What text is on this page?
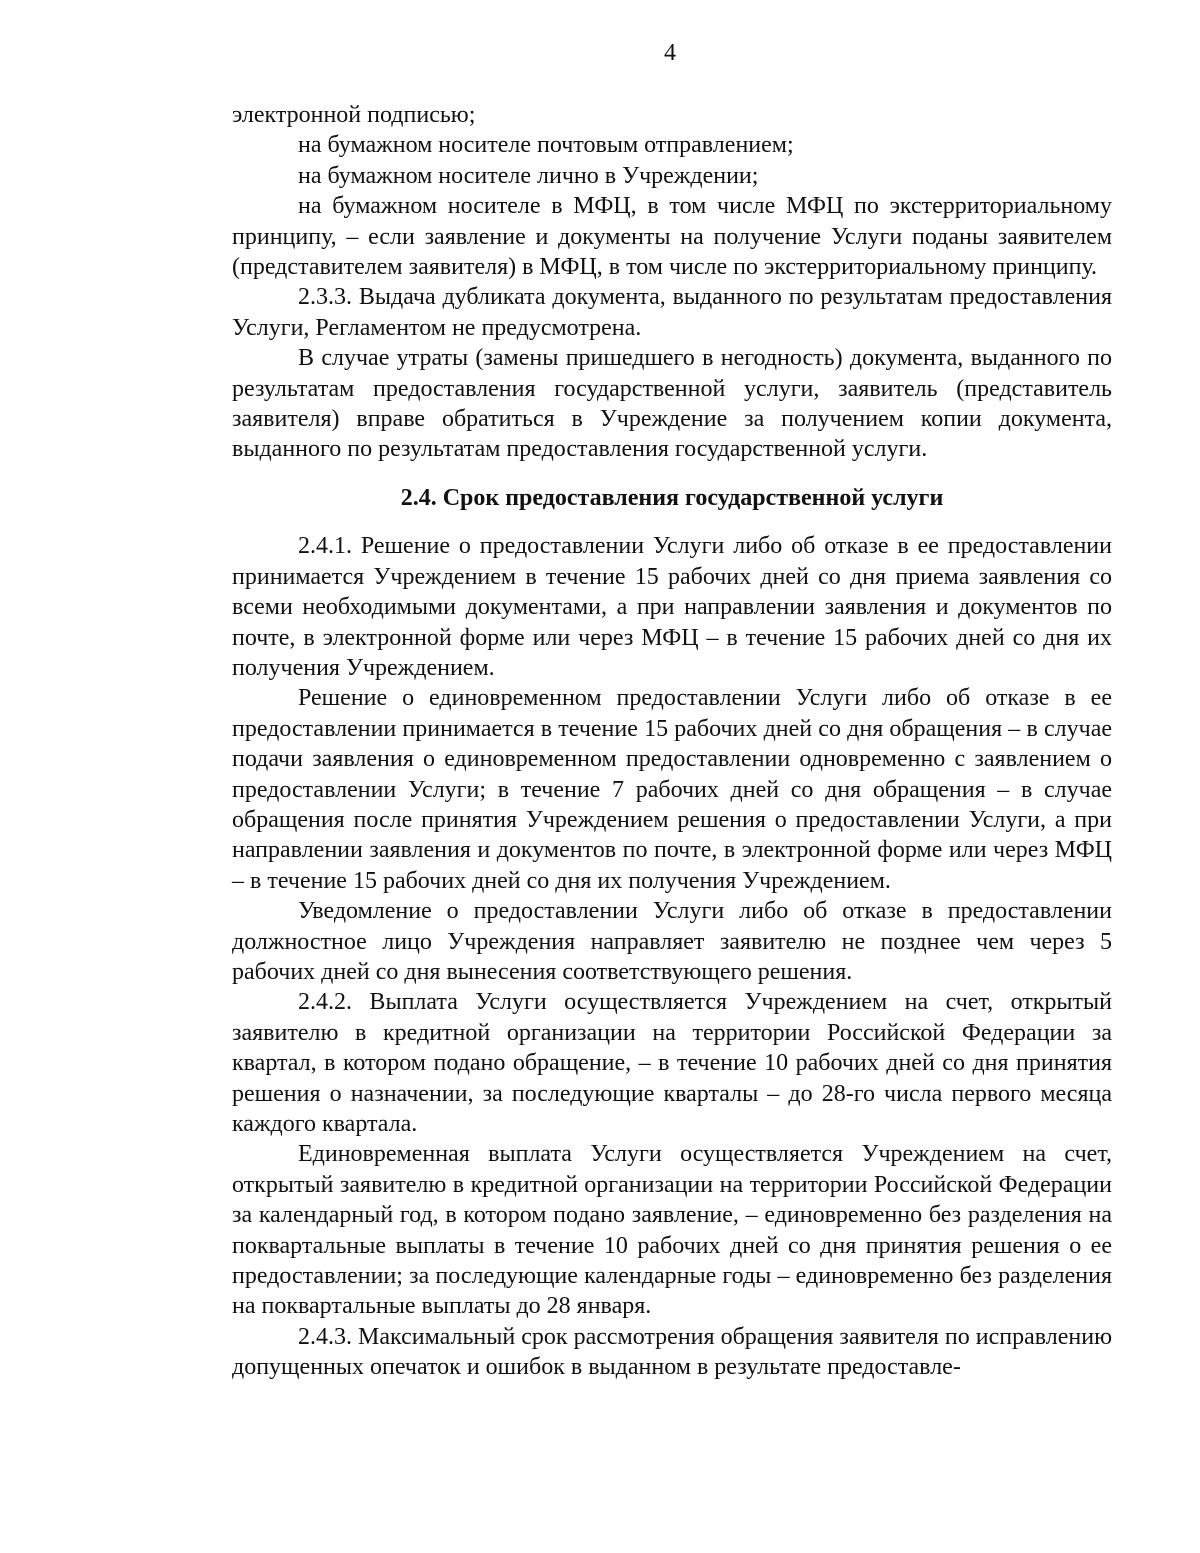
4

электронной подписью;

на бумажном носителе почтовым отправлением;

на бумажном носителе лично в Учреждении;

на бумажном носителе в МФЦ, в том числе МФЦ по экстерриториальному принципу, – если заявление и документы на получение Услуги поданы заявителем (представителем заявителя) в МФЦ, в том числе по экстерриториальному принципу.

2.3.3. Выдача дубликата документа, выданного по результатам предоставления Услуги, Регламентом не предусмотрена.

В случае утраты (замены пришедшего в негодность) документа, выданного по результатам предоставления государственной услуги, заявитель (представитель заявителя) вправе обратиться в Учреждение за получением копии документа, выданного по результатам предоставления государственной услуги.

2.4. Срок предоставления государственной услуги

2.4.1. Решение о предоставлении Услуги либо об отказе в ее предоставлении принимается Учреждением в течение 15 рабочих дней со дня приема заявления со всеми необходимыми документами, а при направлении заявления и документов по почте, в электронной форме или через МФЦ – в течение 15 рабочих дней со дня их получения Учреждением.

Решение о единовременном предоставлении Услуги либо об отказе в ее предоставлении принимается в течение 15 рабочих дней со дня обращения – в случае подачи заявления о единовременном предоставлении одновременно с заявлением о предоставлении Услуги; в течение 7 рабочих дней со дня обращения – в случае обращения после принятия Учреждением решения о предоставлении Услуги, а при направлении заявления и документов по почте, в электронной форме или через МФЦ – в течение 15 рабочих дней со дня их получения Учреждением.

Уведомление о предоставлении Услуги либо об отказе в предоставлении должностное лицо Учреждения направляет заявителю не позднее чем через 5 рабочих дней со дня вынесения соответствующего решения.

2.4.2. Выплата Услуги осуществляется Учреждением на счет, открытый заявителю в кредитной организации на территории Российской Федерации за квартал, в котором подано обращение, – в течение 10 рабочих дней со дня принятия решения о назначении, за последующие кварталы – до 28-го числа первого месяца каждого квартала.

Единовременная выплата Услуги осуществляется Учреждением на счет, открытый заявителю в кредитной организации на территории Российской Федерации за календарный год, в котором подано заявление, – единовременно без разделения на поквартальные выплаты в течение 10 рабочих дней со дня принятия решения о ее предоставлении; за последующие календарные годы – единовременно без разделения на поквартальные выплаты до 28 января.

2.4.3. Максимальный срок рассмотрения обращения заявителя по исправлению допущенных опечаток и ошибок в выданном в результате предоставле-
